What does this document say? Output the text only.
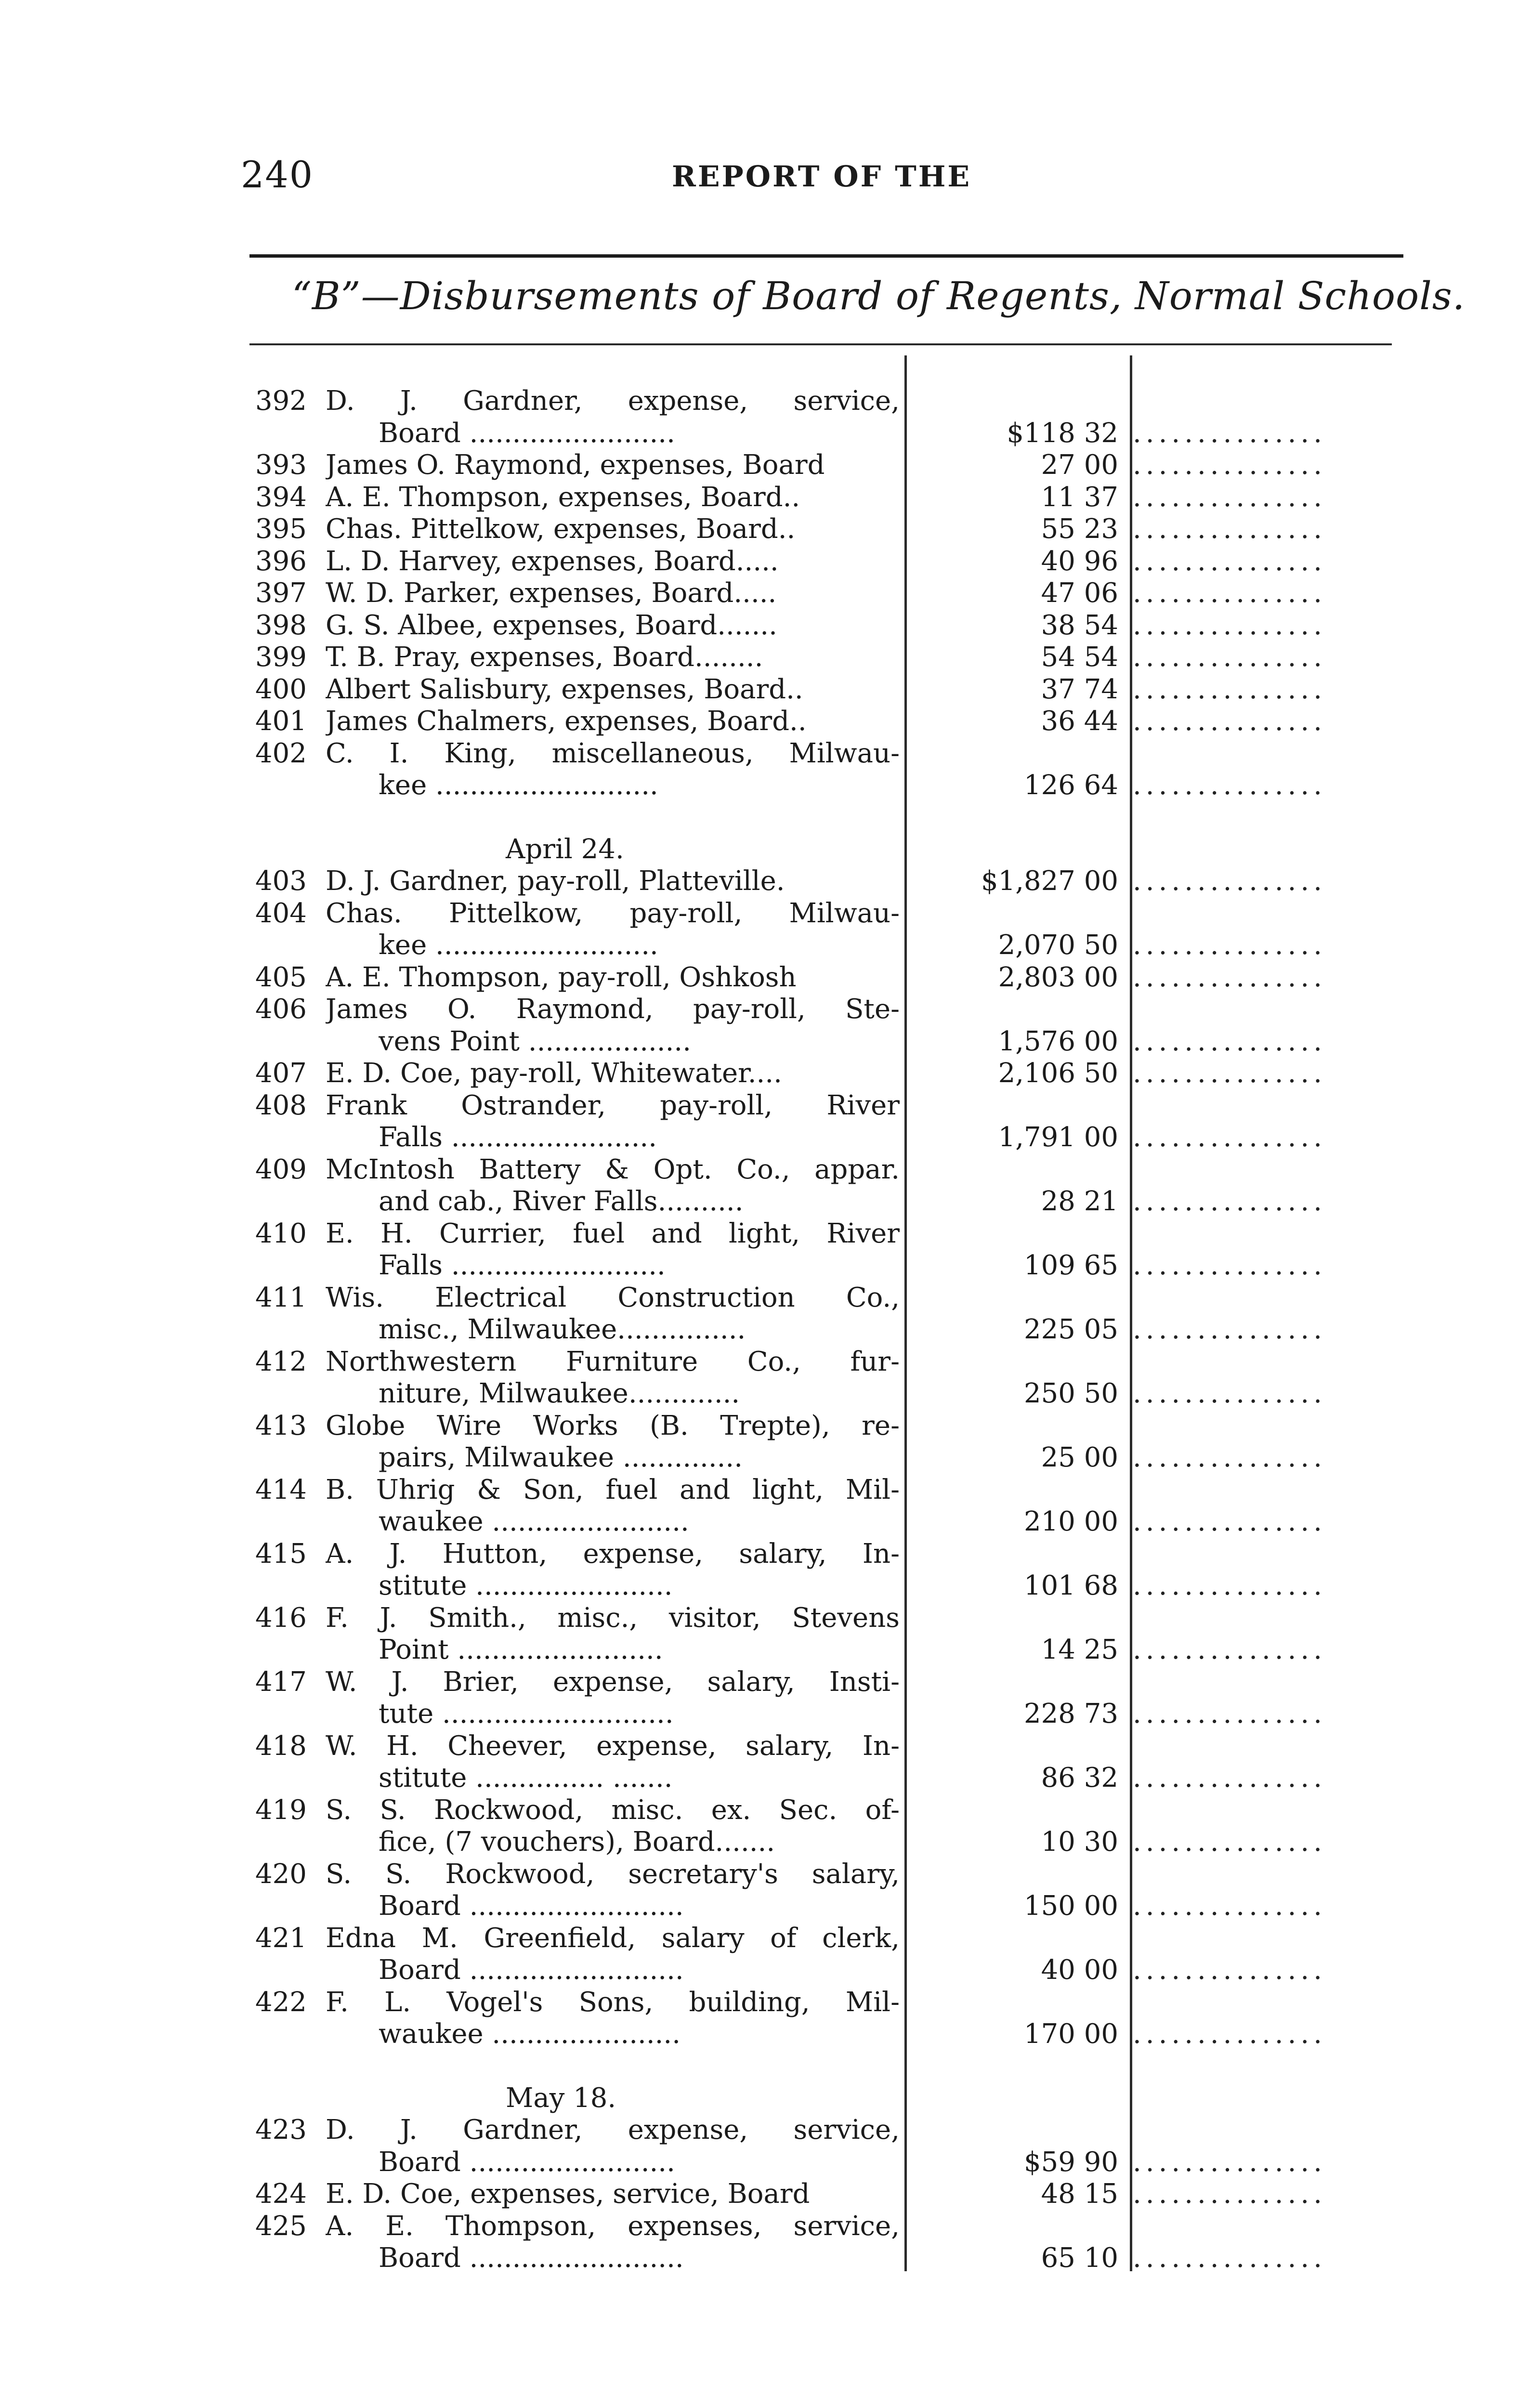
240	REPORT OF THE
“B”—Disbursements of Board of Regents, Normal Schools.
392 D. J. Gardner, expense, service,
Board ........................	$118 32 ...............
393 James O. Raymond, expenses, Board	27 00 ...............
394 A. E. Thompson, expenses, Board..	11 37 ...............
395 Chas. Pittelkow, expenses, Board..	55 23 ...............
396 L. D. Harvey, expenses, Board.....	40 96 ...............
397 W. D. Parker, expenses, Board.....	47 06 ...............
398 G. S. Albee, expenses, Board.......	38 54 ...............
399 T. B. Pray, expenses, Board........	54 54 ...............
400 Albert Salisbury, expenses, Board..	37 74 ...............
401 James Chalmers, expenses, Board..	36 44 ...............
402 C. I. King, miscellaneous, Milwau-
kee ..........................	126 64 ...............
April 24.
403 D. J. Gardner, pay-roll, Platteville.	$1,827 00 ...............
404 Chas. Pittelkow, pay-roll, Milwau-
kee ..........................	2,070 50 ...............
405 A. E. Thompson, pay-roll, Oshkosh	2,803 00 ...............
406 James O. Raymond, pay-roll, Ste-
vens Point ...................	1,576 00 ...............
407 E. D. Coe, pay-roll, Whitewater....	2,106 50 ...............
408 Frank Ostrander, pay-roll, River
Falls ........................	1,791 00 ...............
409 McIntosh Battery & Opt. Co., appar.
and cab., River Falls..........	28 21 ...............
410 E. H. Currier, fuel and light, River
Falls .........................	109 65 ...............
411 Wis. Electrical Construction Co.,
misc., Milwaukee...............	225 05 ...............
412 Northwestern Furniture Co., fur-
niture, Milwaukee.............	250 50 ...............
413 Globe Wire Works (B. Trepte), re-
pairs, Milwaukee ..............	25 00 ...............
414 B. Uhrig & Son, fuel and light, Mil-
waukee .......................	210 00 ...............
415 A. J. Hutton, expense, salary, In-
stitute .......................	101 68 ...............
416 F. J. Smith., misc., visitor, Stevens
Point ........................	14 25 ...............
417 W. J. Brier, expense, salary, Insti-
tute ...........................	228 73 ...............
418 W. H. Cheever, expense, salary, In-
stitute ............... .......	86 32 ...............
419 S. S. Rockwood, misc. ex. Sec. of-
fice, (7 vouchers), Board.......	10 30 ...............
420 S. S. Rockwood, secretary's salary,
Board .........................	150 00 ...............
421 Edna M. Greenfield, salary of clerk,
Board .........................	40 00 ...............
422 F. L. Vogel's Sons, building, Mil-
waukee ......................	170 00 ...............
May 18.
423 D. J. Gardner, expense, service,
Board ........................	$59 90 ...............
424 E. D. Coe, expenses, service, Board	48 15 ...............
425 A. E. Thompson, expenses, service,
Board .........................	65 10 ...............
